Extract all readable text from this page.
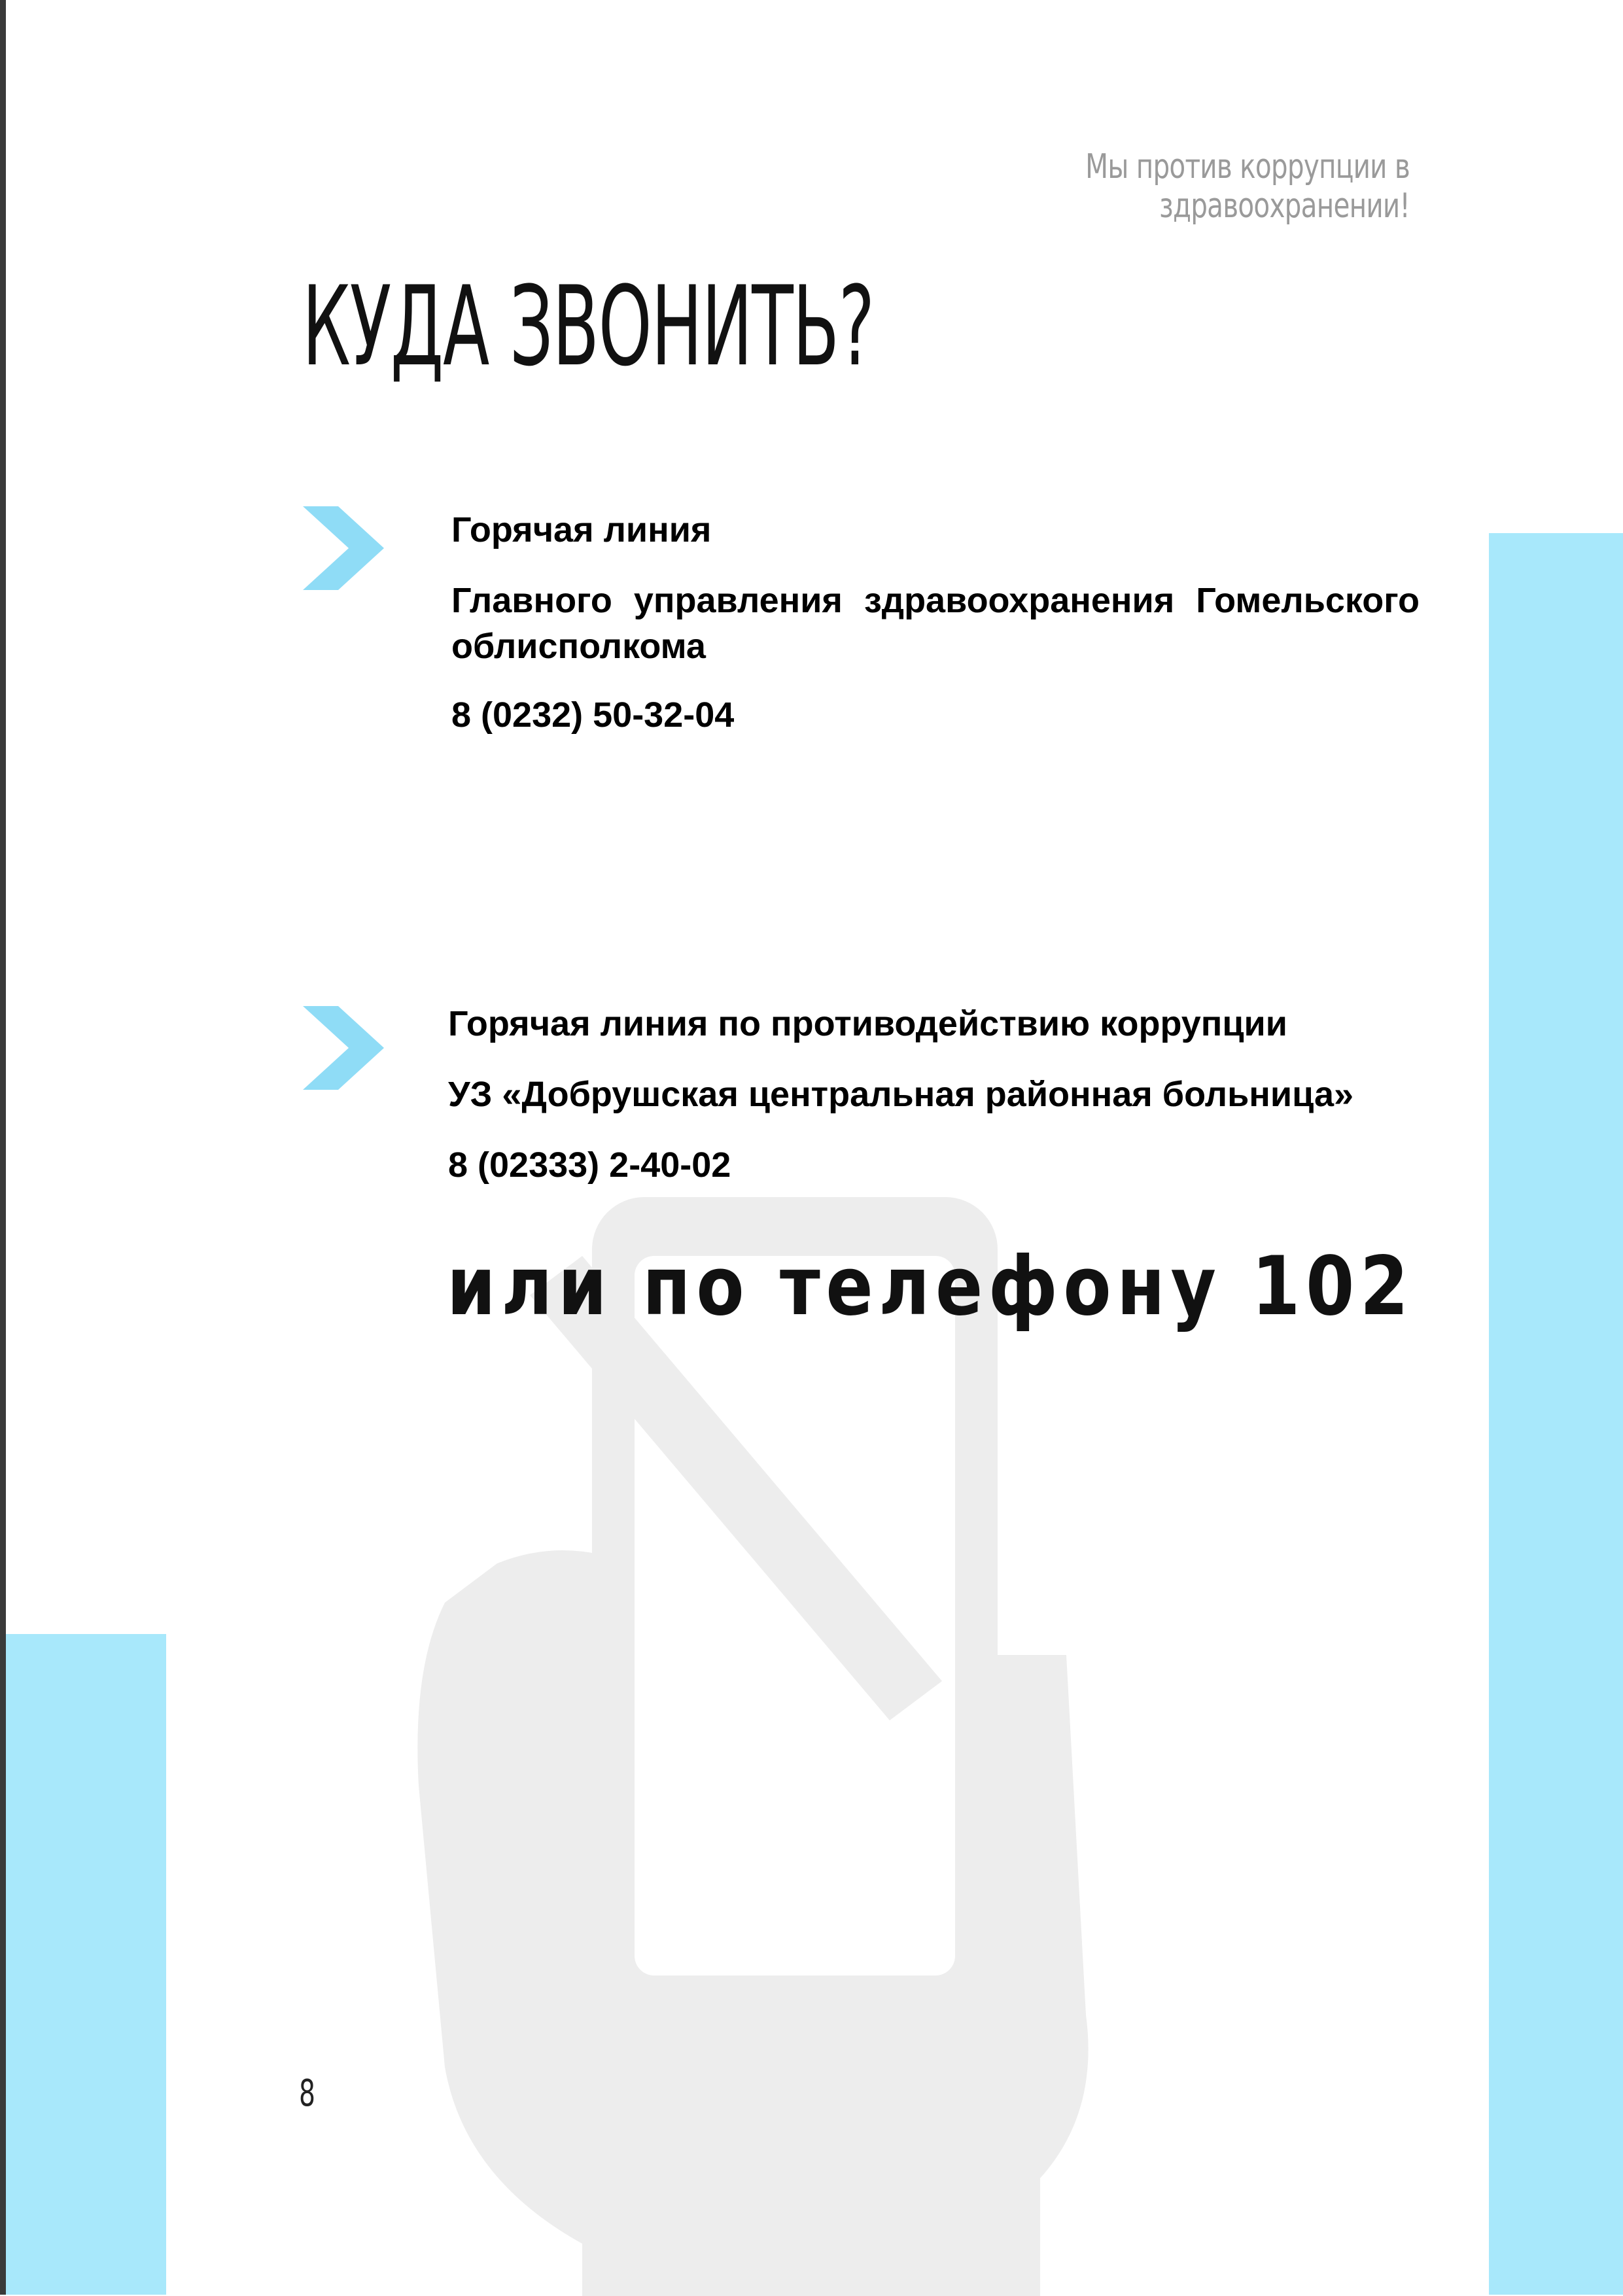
Мы против коррупции в здравоохранении!
КУДА ЗВОНИТЬ?

Горячая линия

Главного управления здравоохранения Гомельского облисполкома

8 (0232) 50-32-04

Горячая линия по противодействию коррупции

УЗ «Добрушская центральная районная больница»

8 (02333) 2-40-02

или по телефону 102
8
